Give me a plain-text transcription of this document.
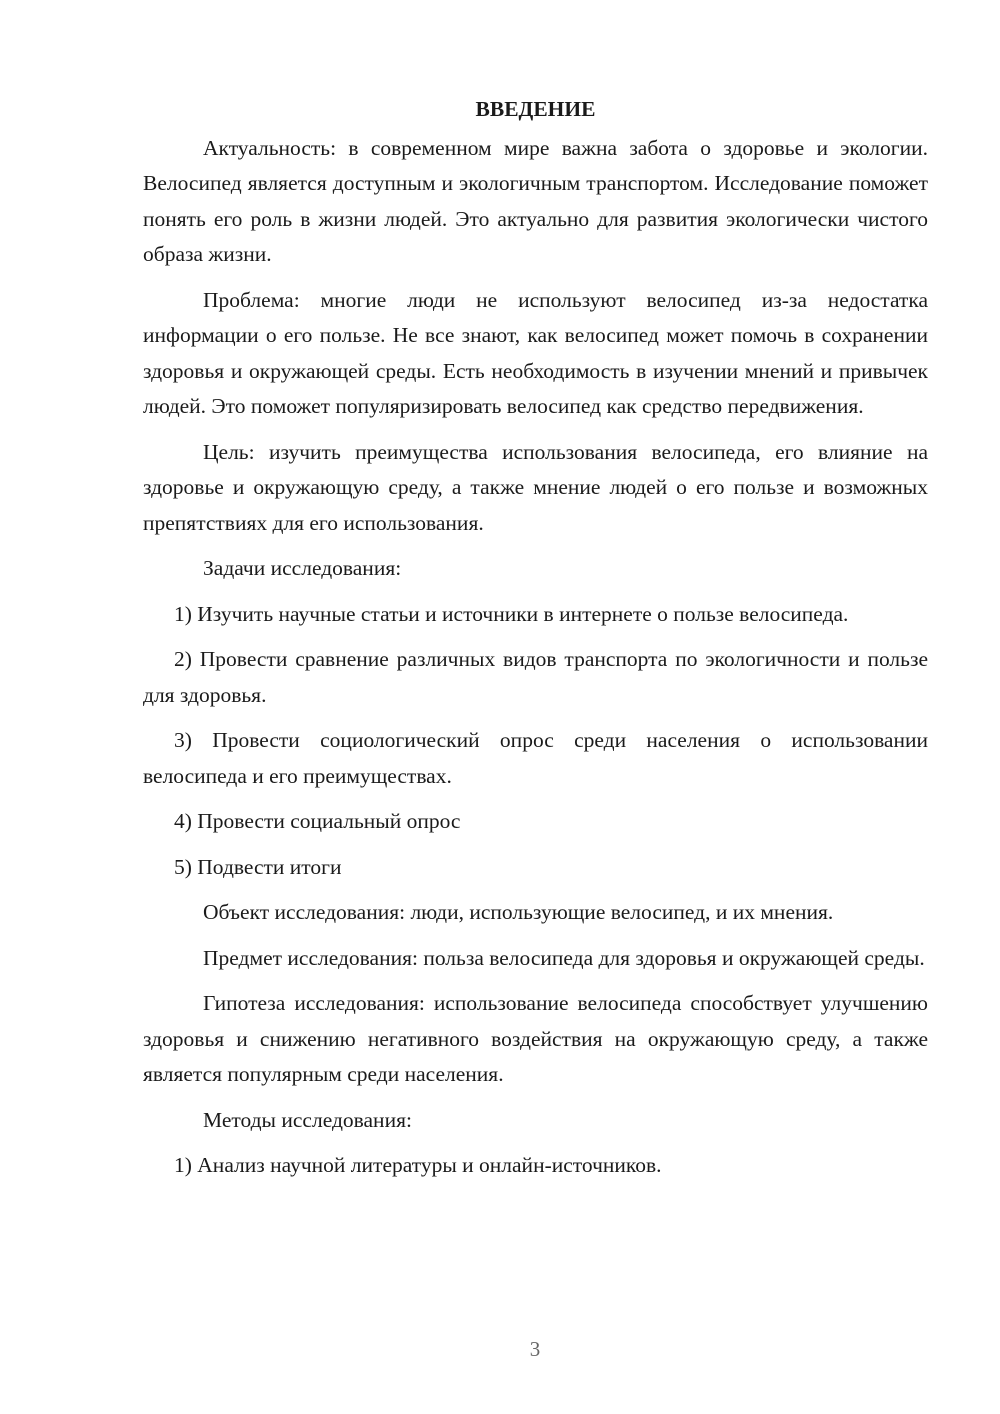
ВВЕДЕНИЕ

Актуальность: в современном мире важна забота о здоровье и экологии. Велосипед является доступным и экологичным транспортом. Исследование поможет понять его роль в жизни людей. Это актуально для развития экологически чистого образа жизни.

Проблема: многие люди не используют велосипед из-за недостатка информации о его пользе. Не все знают, как велосипед может помочь в сохранении здоровья и окружающей среды. Есть необходимость в изучении мнений и привычек людей. Это поможет популяризировать велосипед как средство передвижения.

Цель: изучить преимущества использования велосипеда, его влияние на здоровье и окружающую среду, а также мнение людей о его пользе и возможных препятствиях для его использования.

Задачи исследования:

1) Изучить научные статьи и источники в интернете о пользе велосипеда.

2) Провести сравнение различных видов транспорта по экологичности и пользе для здоровья.

3) Провести социологический опрос среди населения о использовании велосипеда и его преимуществах.

4) Провести социальный опрос

5) Подвести итоги

Объект исследования: люди, использующие велосипед, и их мнения.

Предмет исследования: польза велосипеда для здоровья и окружающей среды.

Гипотеза исследования: использование велосипеда способствует улучшению здоровья и снижению негативного воздействия на окружающую среду, а также является популярным среди населения.

Методы исследования:

1) Анализ научной литературы и онлайн-источников.

3
